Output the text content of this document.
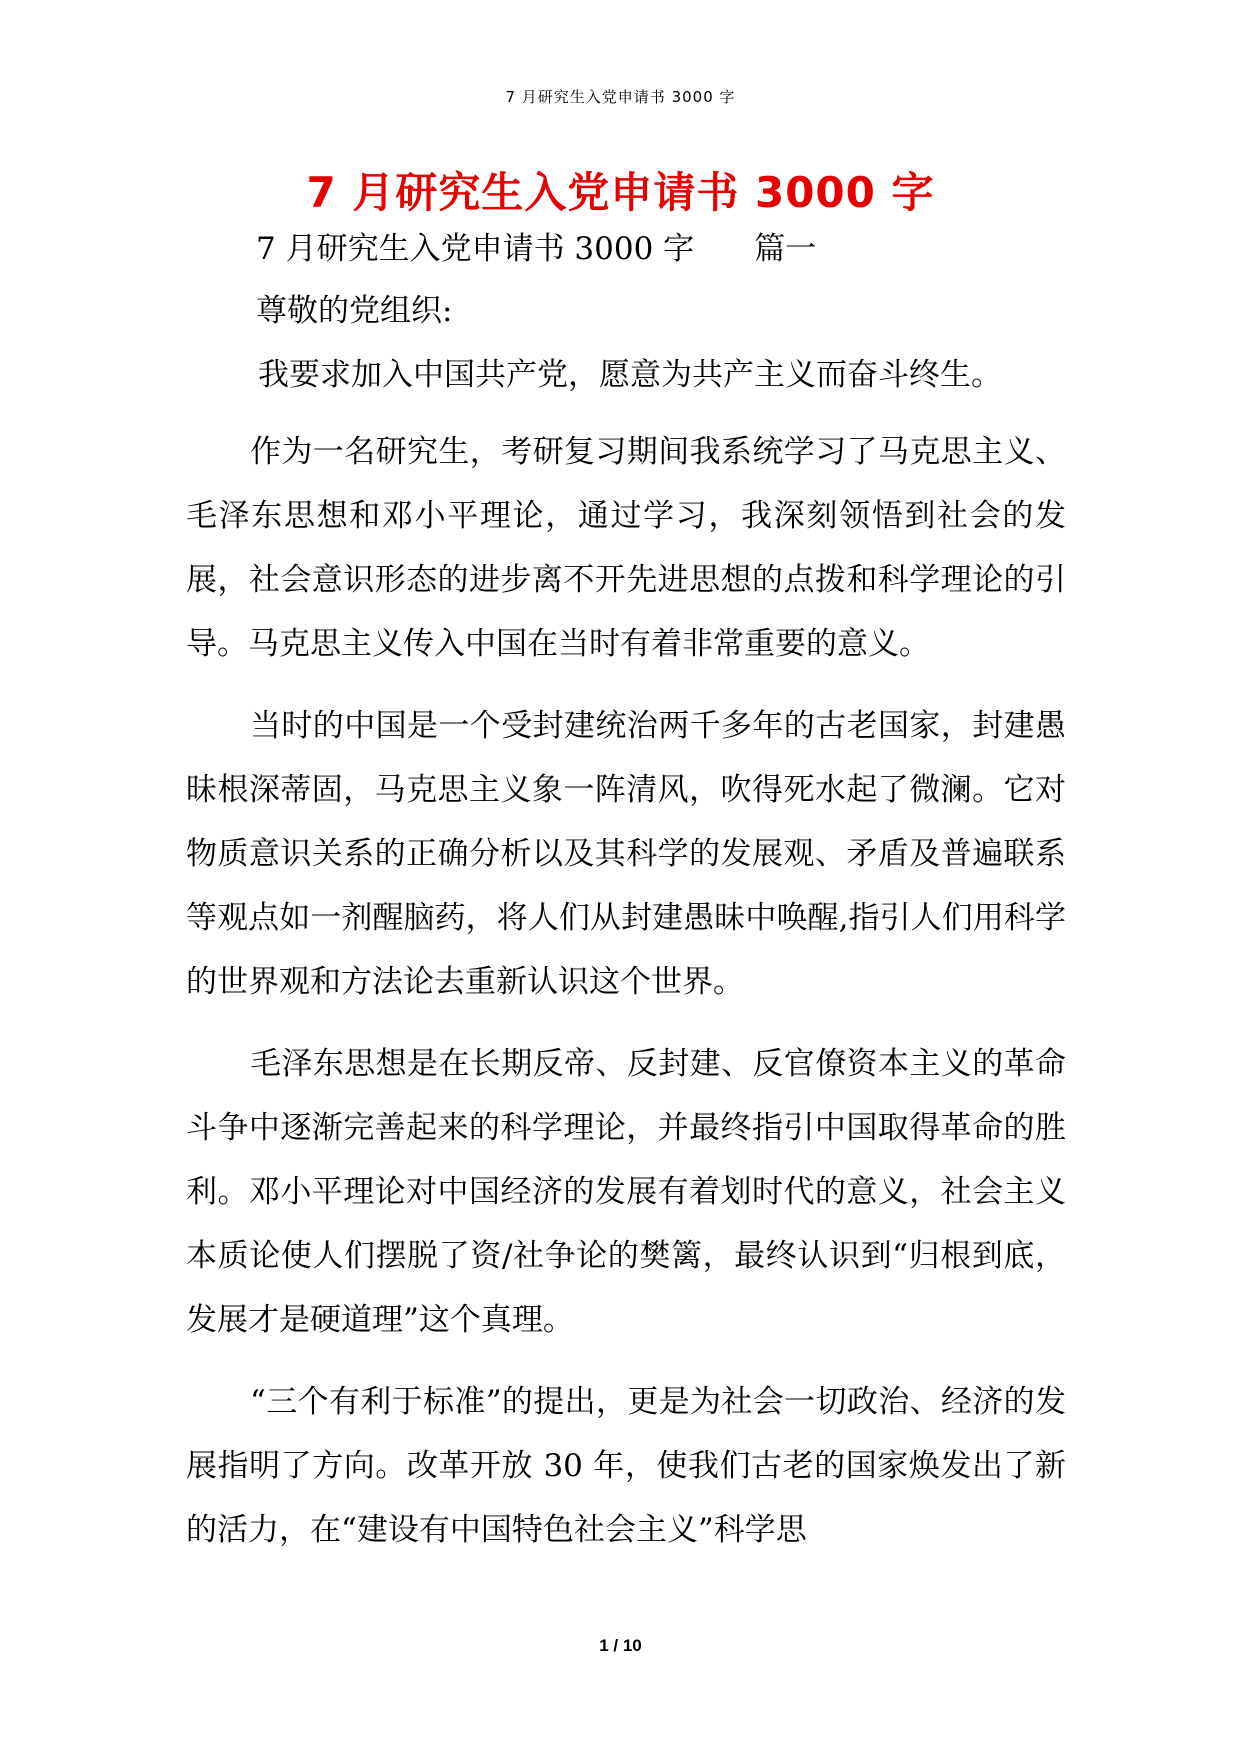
7 月研究生入党申请书 3000 字
7 月研究生入党申请书 3000 字
7 月研究生入党申请书 3000 字 篇一
尊敬的党组织:

我要求加入中国共产党，愿意为共产主义而奋斗终生。

作为一名研究生，考研复习期间我系统学习了马克思主义、毛泽东思想和邓小平理论，通过学习，我深刻领悟到社会的发展，社会意识形态的进步离不开先进思想的点拨和科学理论的引导。马克思主义传入中国在当时有着非常重要的意义。

当时的中国是一个受封建统治两千多年的古老国家，封建愚昧根深蒂固，马克思主义象一阵清风，吹得死水起了微澜。它对物质意识关系的正确分析以及其科学的发展观、矛盾及普遍联系等观点如一剂醒脑药，将人们从封建愚昧中唤醒,指引人们用科学的世界观和方法论去重新认识这个世界。

毛泽东思想是在长期反帝、反封建、反官僚资本主义的革命斗争中逐渐完善起来的科学理论，并最终指引中国取得革命的胜利。邓小平理论对中国经济的发展有着划时代的意义，社会主义本质论使人们摆脱了资/社争论的樊篱，最终认识到“归根到底，发展才是硬道理”这个真理。

“三个有利于标准”的提出，更是为社会一切政治、经济的发展指明了方向。改革开放 30 年，使我们古老的国家焕发出了新的活力，在“建设有中国特色社会主义”科学思

1 / 10
